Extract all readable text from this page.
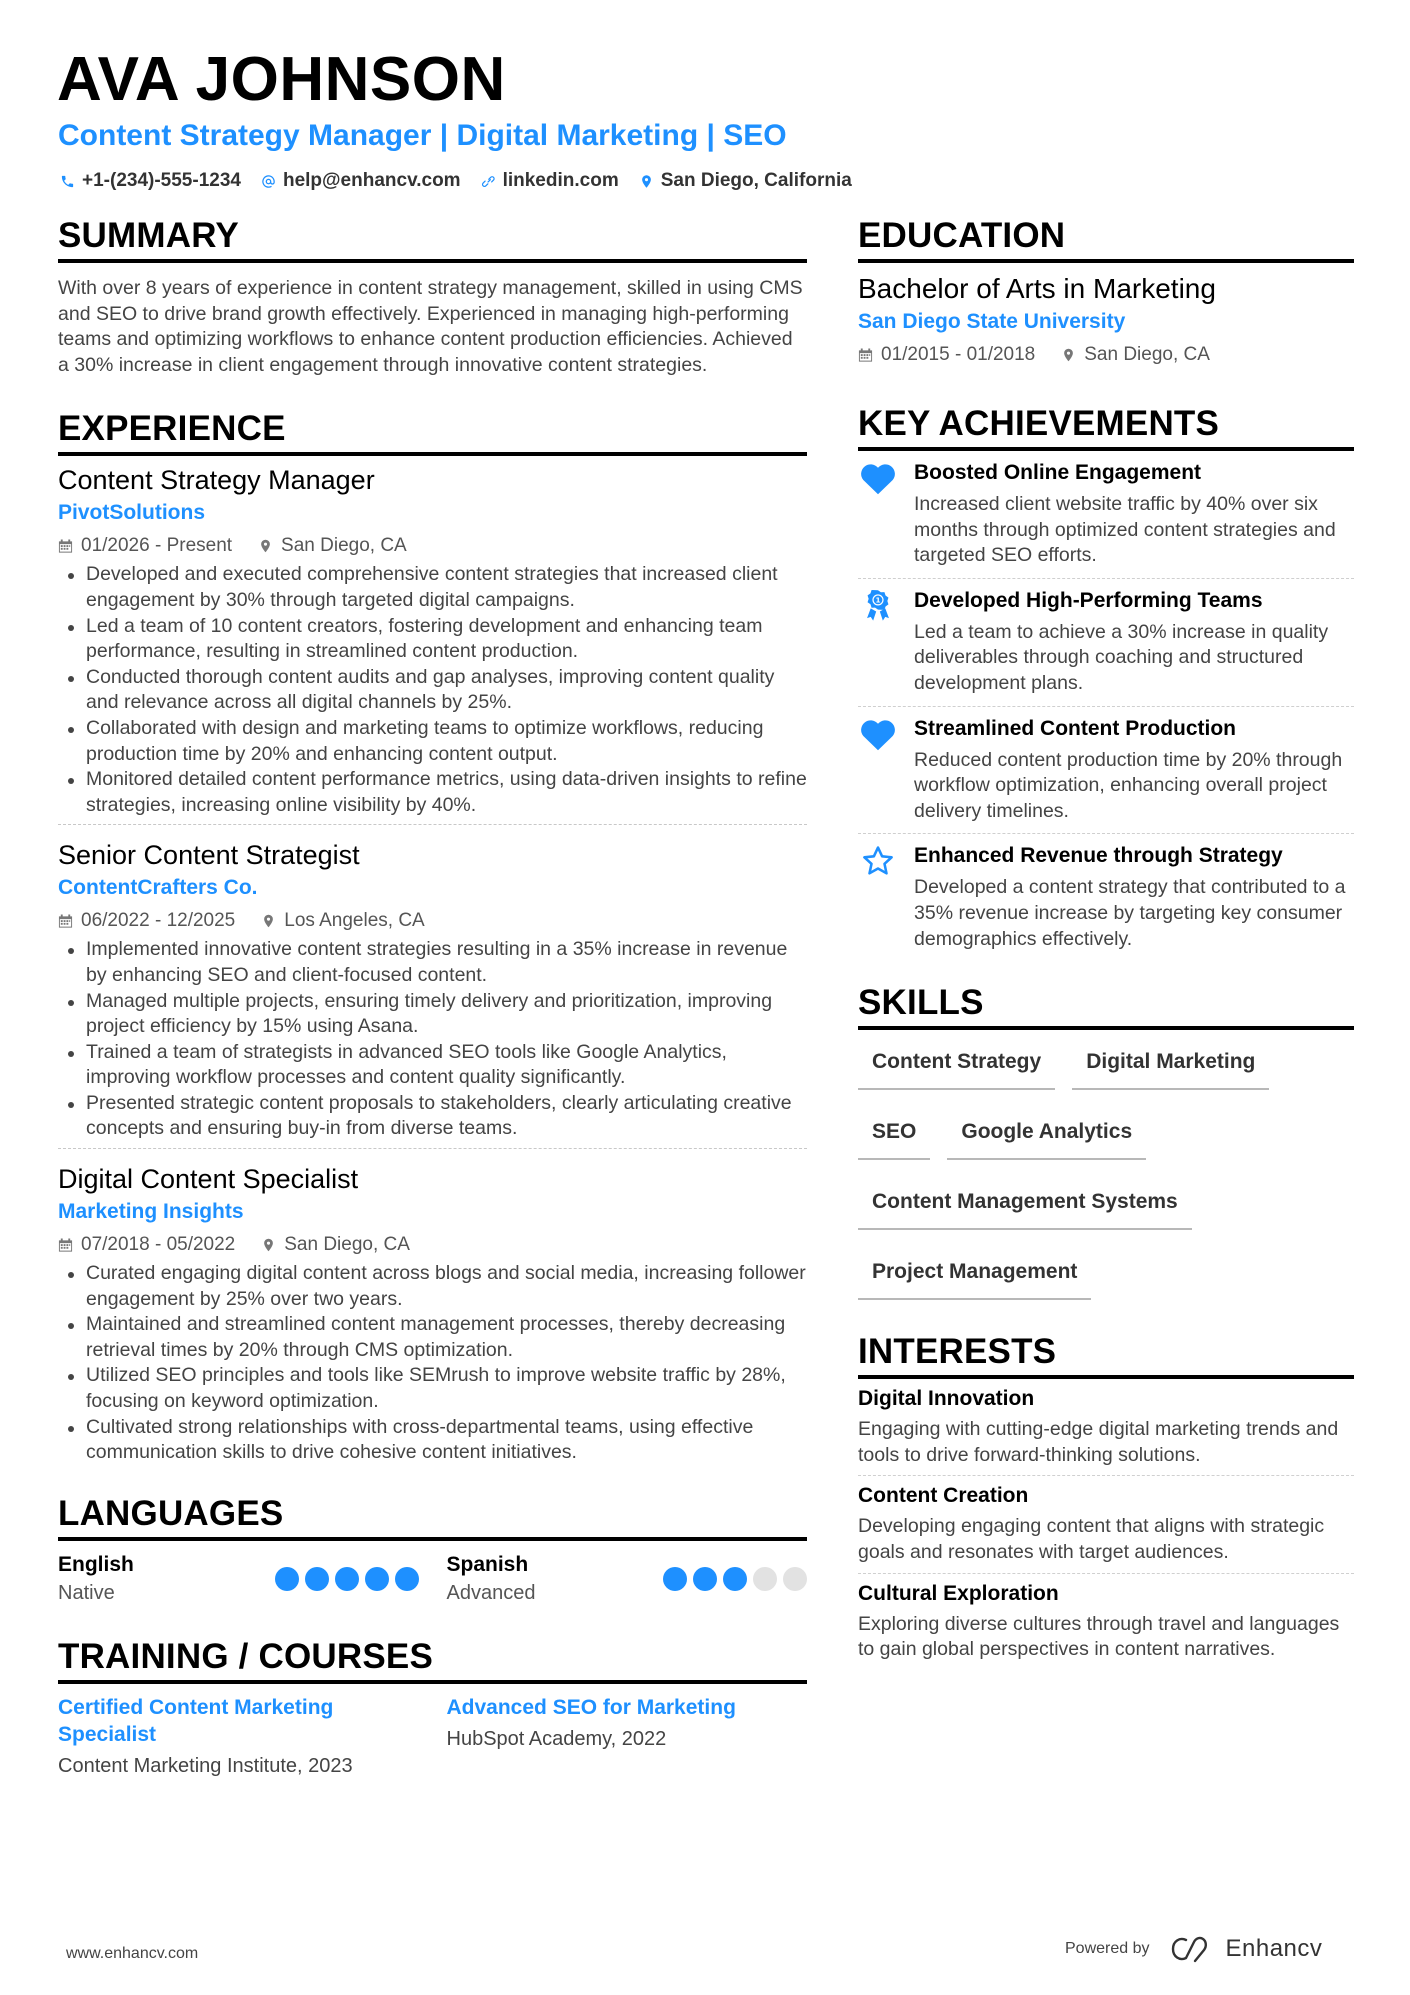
AVA JOHNSON
Content Strategy Manager | Digital Marketing | SEO
+1-(234)-555-1234 help@enhancv.com linkedin.com San Diego, California
SUMMARY

With over 8 years of experience in content strategy management, skilled in using CMS and SEO to drive brand growth effectively. Experienced in managing high-performing teams and optimizing workflows to enhance content production efficiencies. Achieved a 30% increase in client engagement through innovative content strategies.

EXPERIENCE
Content Strategy Manager
PivotSolutions
01/2026 - Present	San Diego, CA
Developed and executed comprehensive content strategies that increased client engagement by 30% through targeted digital campaigns.
Led a team of 10 content creators, fostering development and enhancing team performance, resulting in streamlined content production.
Conducted thorough content audits and gap analyses, improving content quality and relevance across all digital channels by 25%.
Collaborated with design and marketing teams to optimize workflows, reducing production time by 20% and enhancing content output.
Monitored detailed content performance metrics, using data-driven insights to refine strategies, increasing online visibility by 40%.
Senior Content Strategist
ContentCrafters Co.
06/2022 - 12/2025	Los Angeles, CA
Implemented innovative content strategies resulting in a 35% increase in revenue by enhancing SEO and client-focused content.
Managed multiple projects, ensuring timely delivery and prioritization, improving project efficiency by 15% using Asana.
Trained a team of strategists in advanced SEO tools like Google Analytics, improving workflow processes and content quality significantly.
Presented strategic content proposals to stakeholders, clearly articulating creative concepts and ensuring buy-in from diverse teams.
Digital Content Specialist
Marketing Insights
07/2018 - 05/2022	San Diego, CA
Curated engaging digital content across blogs and social media, increasing follower engagement by 25% over two years.
Maintained and streamlined content management processes, thereby decreasing retrieval times by 20% through CMS optimization.
Utilized SEO principles and tools like SEMrush to improve website traffic by 28%, focusing on keyword optimization.
Cultivated strong relationships with cross-departmental teams, using effective communication skills to drive cohesive content initiatives.
LANGUAGES
English
Native
Spanish
Advanced
TRAINING / COURSES
Certified Content Marketing Specialist
Content Marketing Institute, 2023
Advanced SEO for Marketing
HubSpot Academy, 2022
EDUCATION
Bachelor of Arts in Marketing
San Diego State University
01/2015 - 01/2018	San Diego, CA
KEY ACHIEVEMENTS
Boosted Online Engagement
Increased client website traffic by 40% over six months through optimized content strategies and targeted SEO efforts.
1 Developed High-Performing Teams
Led a team to achieve a 30% increase in quality deliverables through coaching and structured development plans.
Streamlined Content Production
Reduced content production time by 20% through workflow optimization, enhancing overall project delivery timelines.
Enhanced Revenue through Strategy
Developed a content strategy that contributed to a 35% revenue increase by targeting key consumer demographics effectively.
SKILLS
Content Strategy	Digital Marketing
SEO	Google Analytics
Content Management Systems
Project Management
INTERESTS
Digital Innovation
Engaging with cutting-edge digital marketing trends and tools to drive forward-thinking solutions.
Content Creation
Developing engaging content that aligns with strategic goals and resonates with target audiences.
Cultural Exploration
Exploring diverse cultures through travel and languages to gain global perspectives in content narratives.
www.enhancv.com	Powered by	Enhancv
